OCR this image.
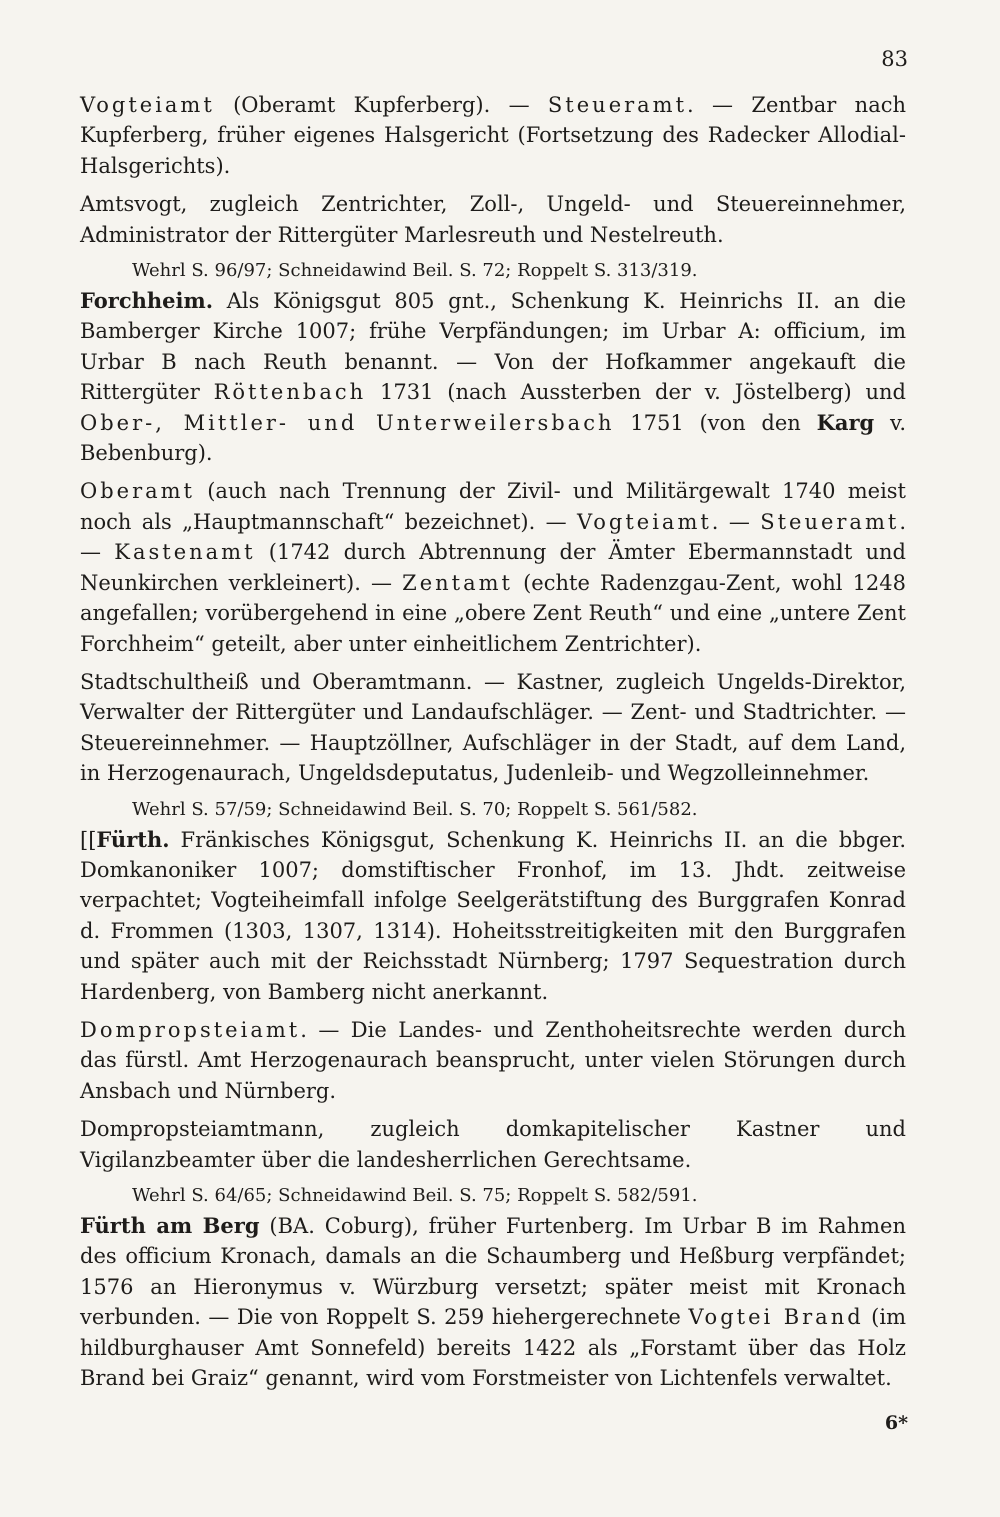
83

Vogteiamt (Oberamt Kupferberg). — Steueramt. — Zentbar nach Kupferberg, früher eigenes Halsgericht (Fortsetzung des Radecker Allodial-Halsgerichts).

Amtsvogt, zugleich Zentrichter, Zoll-, Ungeld- und Steuereinnehmer, Administrator der Rittergüter Marlesreuth und Nestelreuth.

Wehrl S. 96/97; Schneidawind Beil. S. 72; Roppelt S. 313/319.

Forchheim. Als Königsgut 805 gnt., Schenkung K. Heinrichs II. an die Bamberger Kirche 1007; frühe Verpfändungen; im Urbar A: officium, im Urbar B nach Reuth benannt. — Von der Hofkammer angekauft die Rittergüter Röttenbach 1731 (nach Aussterben der v. Jöstelberg) und Ober-, Mittler- und Unterweilersbach 1751 (von den Karg v. Bebenburg).

Oberamt (auch nach Trennung der Zivil- und Militärgewalt 1740 meist noch als „Hauptmannschaft“ bezeichnet). — Vogteiamt. — Steueramt. — Kastenamt (1742 durch Abtrennung der Ämter Ebermannstadt und Neunkirchen verkleinert). — Zentamt (echte Radenzgau-Zent, wohl 1248 angefallen; vorübergehend in eine „obere Zent Reuth“ und eine „untere Zent Forchheim“ geteilt, aber unter einheitlichem Zentrichter).

Stadtschultheiß und Oberamtmann. — Kastner, zugleich Ungelds-Direktor, Verwalter der Rittergüter und Landaufschläger. — Zent- und Stadtrichter. — Steuereinnehmer. — Hauptzöllner, Aufschläger in der Stadt, auf dem Land, in Herzogenaurach, Ungeldsdeputatus, Judenleib- und Wegzolleinnehmer.

Wehrl S. 57/59; Schneidawind Beil. S. 70; Roppelt S. 561/582.

[[Fürth. Fränkisches Königsgut, Schenkung K. Heinrichs II. an die bbger. Domkanoniker 1007; domstiftischer Fronhof, im 13. Jhdt. zeitweise verpachtet; Vogteiheimfall infolge Seelgerätstiftung des Burggrafen Konrad d. Frommen (1303, 1307, 1314). Hoheitsstreitigkeiten mit den Burggrafen und später auch mit der Reichsstadt Nürnberg; 1797 Sequestration durch Hardenberg, von Bamberg nicht anerkannt.

Dompropsteiamt. — Die Landes- und Zenthoheitsrechte werden durch das fürstl. Amt Herzogenaurach beansprucht, unter vielen Störungen durch Ansbach und Nürnberg.

Dompropsteiamtmann, zugleich domkapitelischer Kastner und Vigilanzbeamter über die landesherrlichen Gerechtsame.

Wehrl S. 64/65; Schneidawind Beil. S. 75; Roppelt S. 582/591.

Fürth am Berg (BA. Coburg), früher Furtenberg. Im Urbar B im Rahmen des officium Kronach, damals an die Schaumberg und Heßburg verpfändet; 1576 an Hieronymus v. Würzburg versetzt; später meist mit Kronach verbunden. — Die von Roppelt S. 259 hiehergerechnete Vogtei Brand (im hildburghauser Amt Sonnefeld) bereits 1422 als „Forstamt über das Holz Brand bei Graiz“ genannt, wird vom Forstmeister von Lichtenfels verwaltet.

6*
